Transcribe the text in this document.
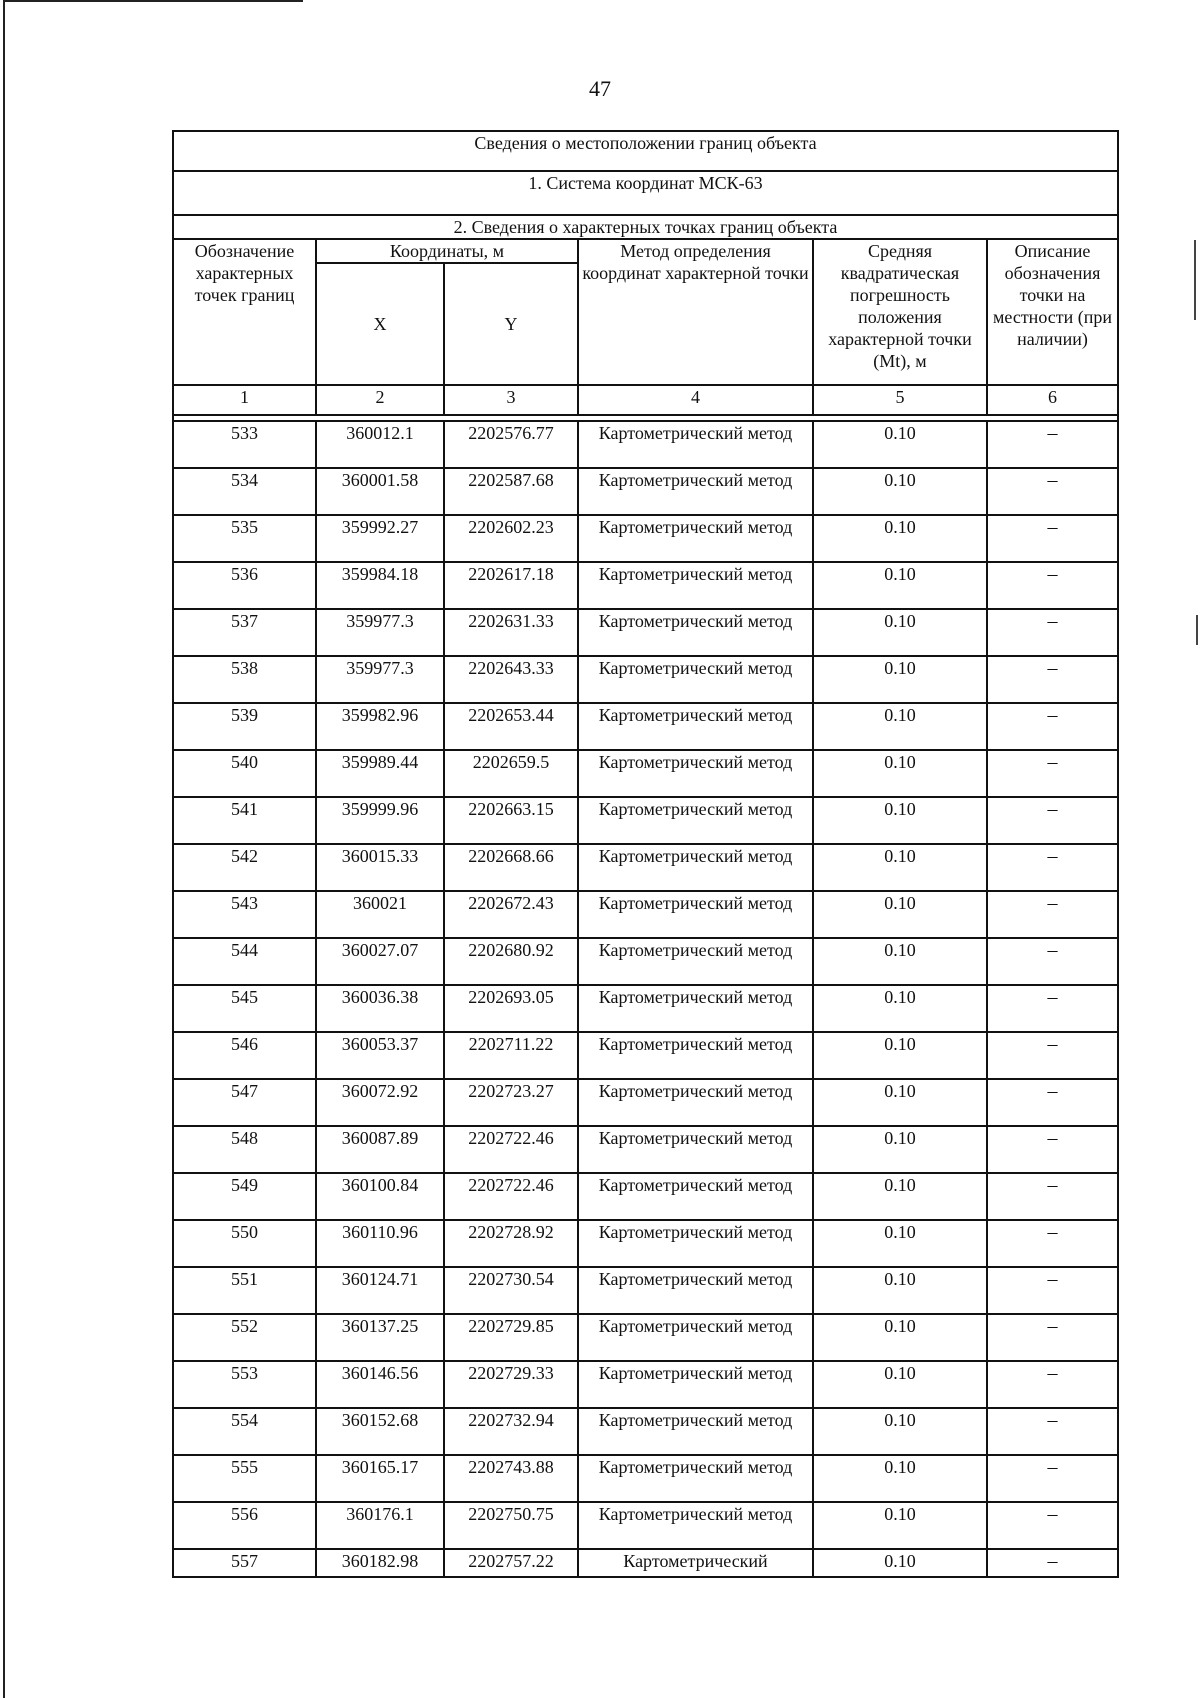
47
Сведения о местоположении границ объекта					
1. Система координат МСК-63					
2. Сведения о характерных точках границ объекта					
Обозначение характерных точек границ	Координаты, м		Метод определения координат характерной точки	Средняя квадратическая погрешность положения характерной точки (Mt), м	Описание обозначения точки на местности (при наличии)
	X	Y			
1	2	3	4	5	6

533	360012.1	2202576.77	Картометрический метод	0.10	–
534	360001.58	2202587.68	Картометрический метод	0.10	–
535	359992.27	2202602.23	Картометрический метод	0.10	–
536	359984.18	2202617.18	Картометрический метод	0.10	–
537	359977.3	2202631.33	Картометрический метод	0.10	–
538	359977.3	2202643.33	Картометрический метод	0.10	–
539	359982.96	2202653.44	Картометрический метод	0.10	–
540	359989.44	2202659.5	Картометрический метод	0.10	–
541	359999.96	2202663.15	Картометрический метод	0.10	–
542	360015.33	2202668.66	Картометрический метод	0.10	–
543	360021	2202672.43	Картометрический метод	0.10	–
544	360027.07	2202680.92	Картометрический метод	0.10	–
545	360036.38	2202693.05	Картометрический метод	0.10	–
546	360053.37	2202711.22	Картометрический метод	0.10	–
547	360072.92	2202723.27	Картометрический метод	0.10	–
548	360087.89	2202722.46	Картометрический метод	0.10	–
549	360100.84	2202722.46	Картометрический метод	0.10	–
550	360110.96	2202728.92	Картометрический метод	0.10	–
551	360124.71	2202730.54	Картометрический метод	0.10	–
552	360137.25	2202729.85	Картометрический метод	0.10	–
553	360146.56	2202729.33	Картометрический метод	0.10	–
554	360152.68	2202732.94	Картометрический метод	0.10	–
555	360165.17	2202743.88	Картометрический метод	0.10	–
556	360176.1	2202750.75	Картометрический метод	0.10	–
557	360182.98	2202757.22	Картометрический	0.10	–
